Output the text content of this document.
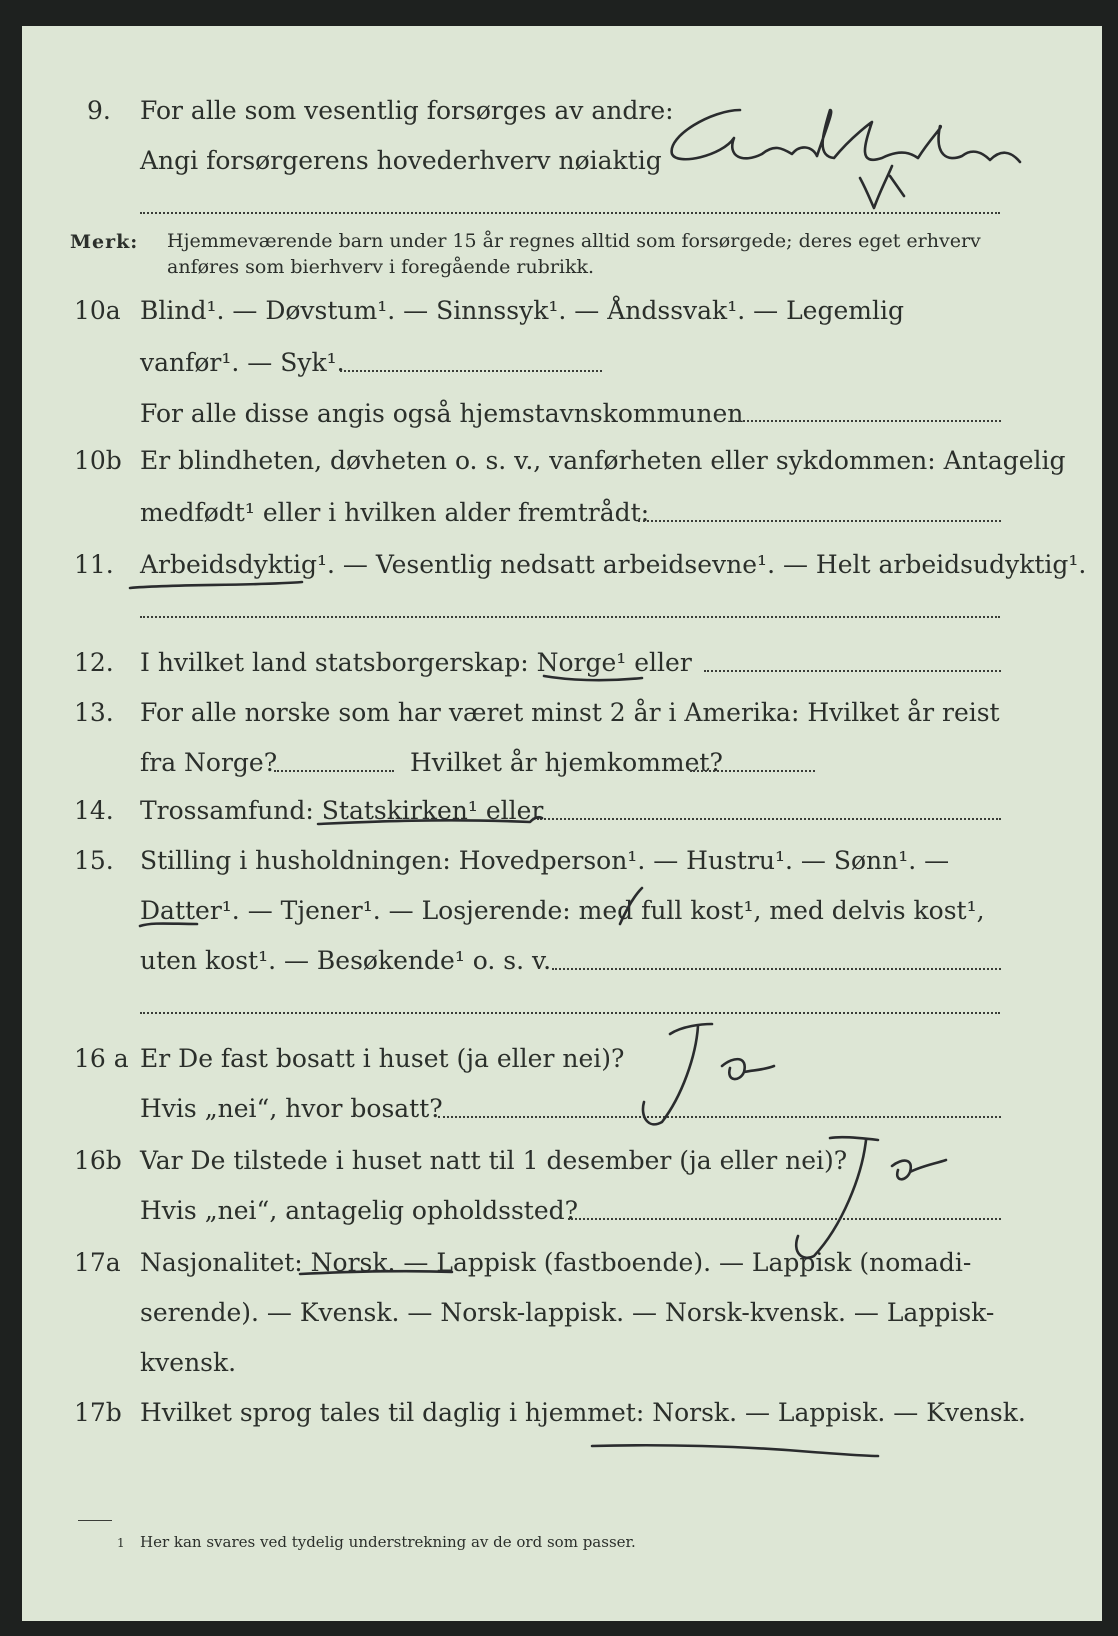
9. For alle som vesentlig forsørges av andre:
Angi forsørgerens hovederhverv nøiaktig
Merk: Hjemmeværende barn under 15 år regnes alltid som forsørgede; deres eget erhverv
anføres som bierhverv i foregående rubrikk.
10a Blind¹. — Døvstum¹. — Sinnssyk¹. — Åndssvak¹. — Legemlig
vanfør¹. — Syk¹.
For alle disse angis også hjemstavnskommunen
10b Er blindheten, døvheten o. s. v., vanførheten eller sykdommen: Antagelig
medfødt¹ eller i hvilken alder fremtrådt:
11. Arbeidsdyktig¹. — Vesentlig nedsatt arbeidsevne¹. — Helt arbeidsudyktig¹.
12. I hvilket land statsborgerskap: Norge¹ eller
13. For alle norske som har været minst 2 år i Amerika: Hvilket år reist
fra Norge?	Hvilket år hjemkommet?
14. Trossamfund: Statskirken¹ eller
15. Stilling i husholdningen: Hovedperson¹. — Hustru¹. — Sønn¹. —
Datter¹. — Tjener¹. — Losjerende: med full kost¹, med delvis kost¹,
uten kost¹. — Besøkende¹ o. s. v.
16 a Er De fast bosatt i huset (ja eller nei)?
Hvis „nei“, hvor bosatt?
16b Var De tilstede i huset natt til 1 desember (ja eller nei)?
Hvis „nei“, antagelig opholdssted?
17a Nasjonalitet: Norsk. — Lappisk (fastboende). — Lappisk (nomadi-
serende). — Kvensk. — Norsk-lappisk. — Norsk-kvensk. — Lappisk-
kvensk.
17b Hvilket sprog tales til daglig i hjemmet: Norsk. — Lappisk. — Kvensk.
1 Her kan svares ved tydelig understrekning av de ord som passer.
